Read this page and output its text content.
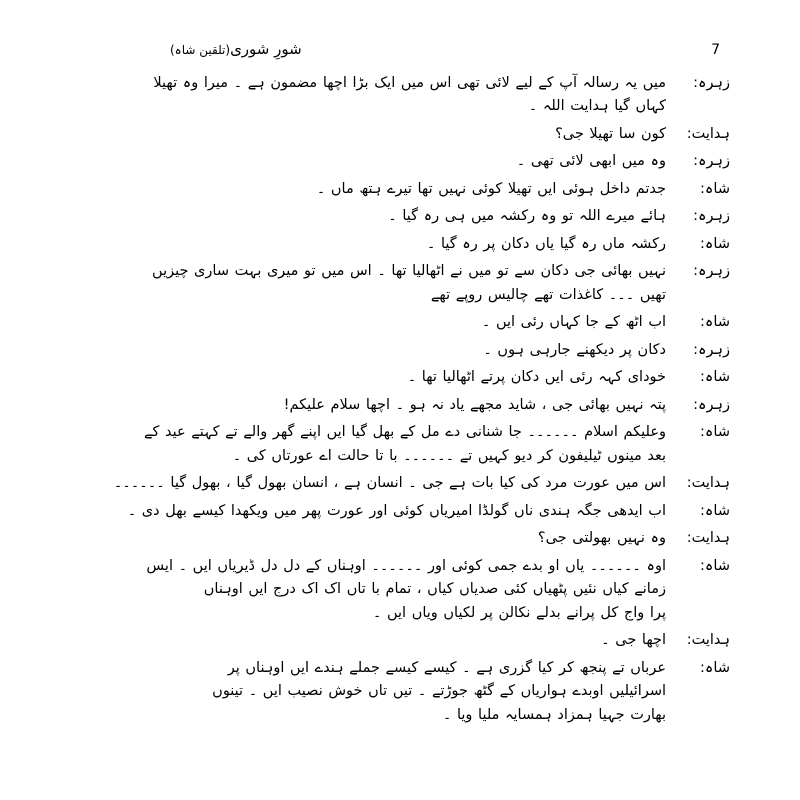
شورِ شوری(تلقین شاہ)	7
زہرہ:
میں یہ رسالہ آپ کے لیے لائی تھی اس میں ایک بڑا اچھا مضمون ہے ۔ میرا وہ تھیلا
کہاں گیا ہدایت اللہ ۔
ہدایت:
کون سا تھیلا جی؟
زہرہ:
وہ میں ابھی لائی تھی ۔
شاہ:
جدتم داخل ہوئی ایں تھیلا کوئی نہیں تھا تیرے ہتھ ماں ۔
زہرہ:
ہائے میرے اللہ تو وہ رکشہ میں ہی رہ گیا ۔
شاہ:
رکشہ ماں رہ گیا یاں دکان پر رہ گیا ۔
زہرہ:
نہیں بھائی جی دکان سے تو میں نے اٹھالیا تھا ۔ اس میں تو میری بہت ساری چیزیں
تھیں ۔۔۔ کاغذات تھے چالیس روپے تھے
شاہ:
اب اٹھ کے جا کہاں رئی ایں ۔
زہرہ:
دکان پر دیکھنے جارہی ہوں ۔
شاہ:
خودای کہہ رئی ایں دکان پرتے اٹھالیا تھا ۔
زہرہ:
پتہ نہیں بھائی جی ، شاید مجھے یاد نہ ہو ۔ اچھا سلام علیکم!
شاہ:
وعلیکم اسلام ۔۔۔۔۔۔ جا شنانی دے مل کے بھل گیا ایں اپنے گھر والے تے کہتے عید کے
بعد مینوں ٹیلیفون کر دیو کہیں تے ۔۔۔۔۔۔ با تا حالت اے عورتاں کی ۔
ہدایت:
اس میں عورت مرد کی کیا بات ہے جی ۔ انسان ہے ، انسان بھول گیا ، بھول گیا ۔۔۔۔۔۔
شاہ:
اب ایدھی جگہ ہندی ناں گولڈا امیریاں کوئی اور عورت پھر میں ویکھدا کیسے بھل دی ۔
ہدایت:
وہ نہیں بھولتی جی؟
شاہ:
اوہ ۔۔۔۔۔۔ یاں او بدے جمی کوئی اور ۔۔۔۔۔۔ اوہناں کے دل دل ڈیریاں ایں ۔ ایس
زمانے کیاں نئیں پٹھیاں کئی صدیاں کیاں ، تمام با تاں اک اک درج ایں اوہناں
پرا واج کل پرانے بدلے نکالن پر لکیاں ویاں ایں ۔
ہدایت:
اچھا جی ۔
شاہ:
عرباں تے پنجھ کر کیا گزری ہے ۔ کیسے کیسے جملے ہندے ایں اوہناں پر
اسرائیلیں اوبدے ہواریاں کے گٹھ جوڑتے ۔ تیں تاں خوش نصیب ایں ۔ تینوں
بھارت جہیا ہمزاد ہمسایہ ملیا ویا ۔
